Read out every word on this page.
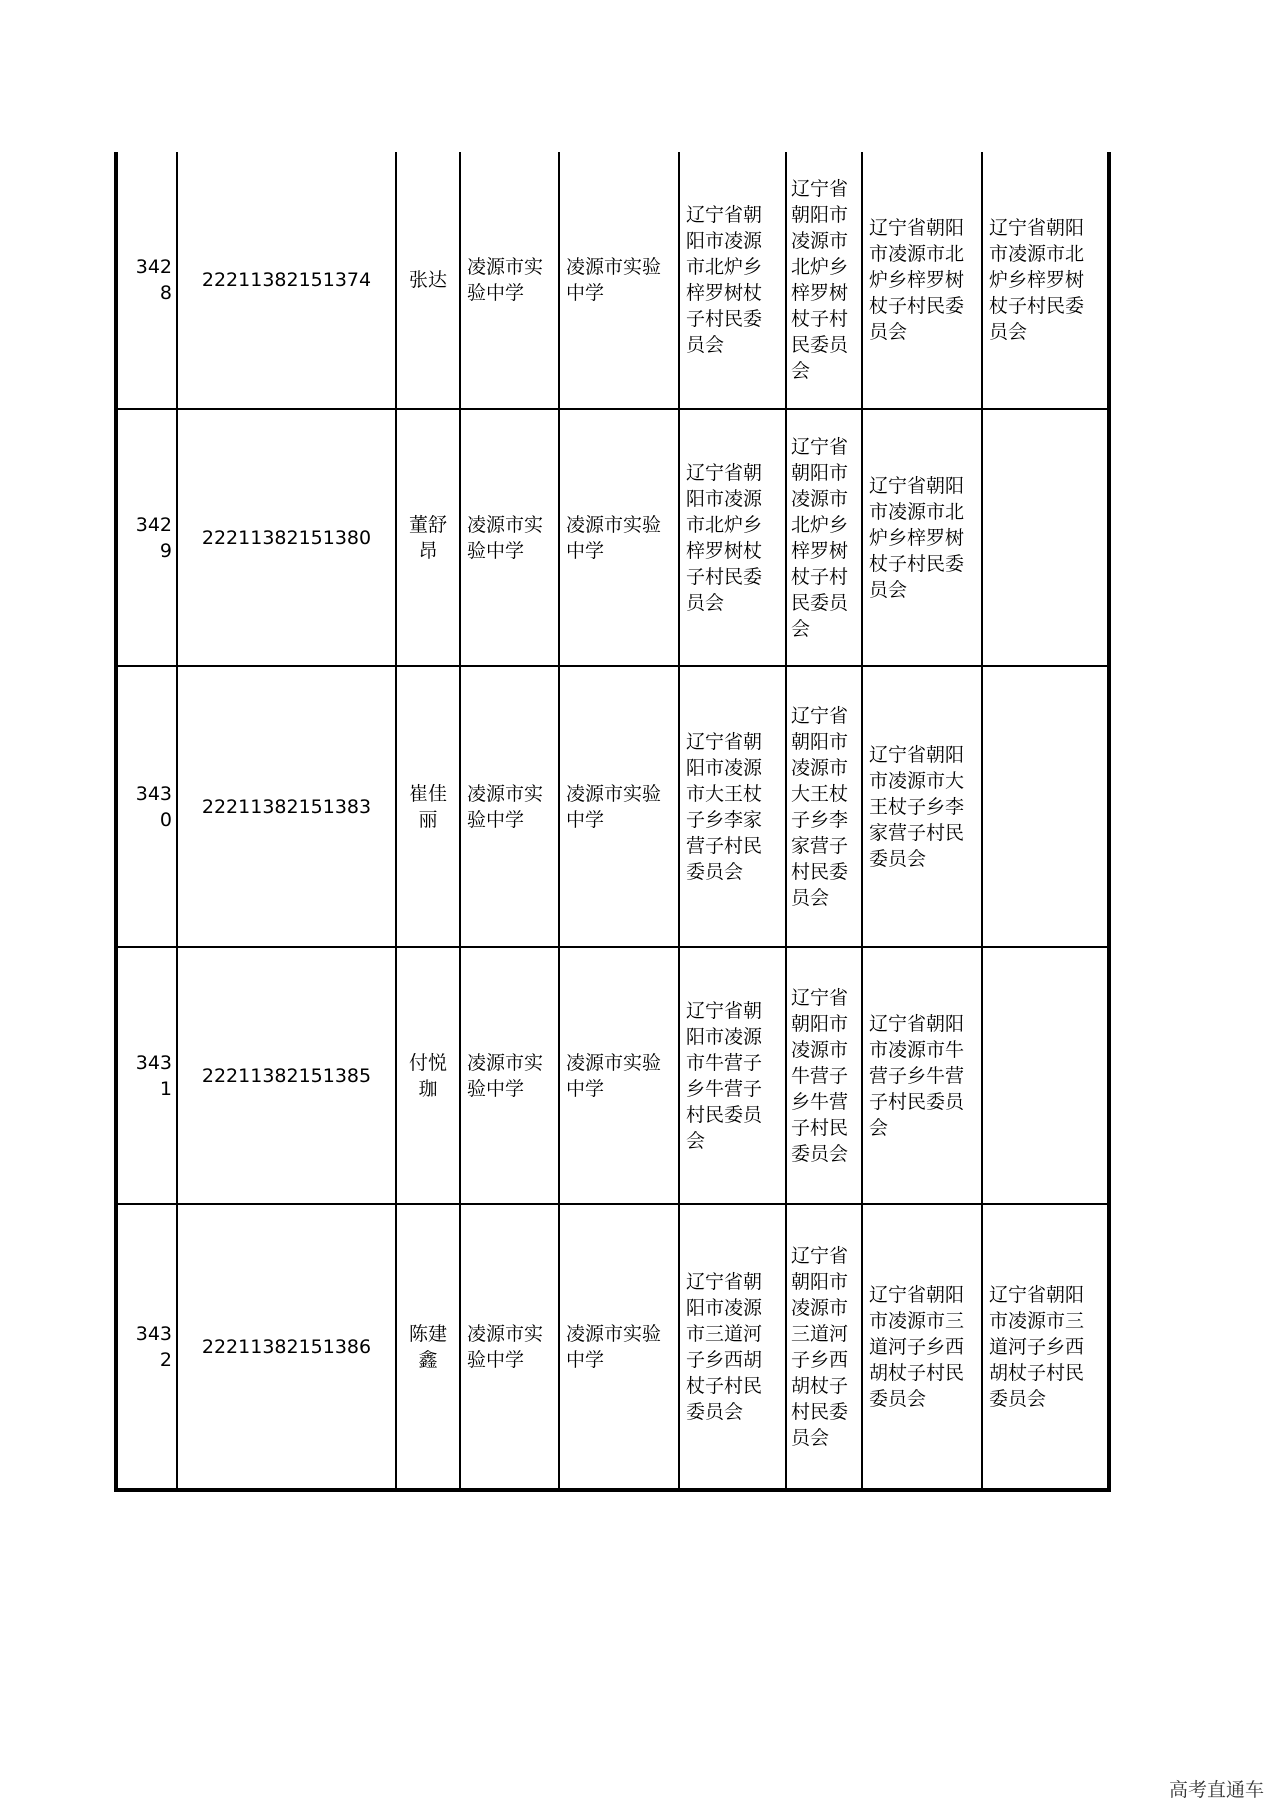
3428	22211382151374	张达	凌源市实验中学	凌源市实验中学	辽宁省朝阳市凌源市北炉乡梓罗树杖子村民委员会	辽宁省朝阳市凌源市北炉乡梓罗树杖子村民委员会	辽宁省朝阳市凌源市北炉乡梓罗树杖子村民委员会	辽宁省朝阳市凌源市北炉乡梓罗树杖子村民委员会
3429	22211382151380	董舒昂	凌源市实验中学	凌源市实验中学	辽宁省朝阳市凌源市北炉乡梓罗树杖子村民委员会	辽宁省朝阳市凌源市北炉乡梓罗树杖子村民委员会	辽宁省朝阳市凌源市北炉乡梓罗树杖子村民委员会	
3430	22211382151383	崔佳丽	凌源市实验中学	凌源市实验中学	辽宁省朝阳市凌源市大王杖子乡李家营子村民委员会	辽宁省朝阳市凌源市大王杖子乡李家营子村民委员会	辽宁省朝阳市凌源市大王杖子乡李家营子村民委员会	
3431	22211382151385	付悦珈	凌源市实验中学	凌源市实验中学	辽宁省朝阳市凌源市牛营子乡牛营子村民委员会	辽宁省朝阳市凌源市牛营子乡牛营子村民委员会	辽宁省朝阳市凌源市牛营子乡牛营子村民委员会	
3432	22211382151386	陈建鑫	凌源市实验中学	凌源市实验中学	辽宁省朝阳市凌源市三道河子乡西胡杖子村民委员会	辽宁省朝阳市凌源市三道河子乡西胡杖子村民委员会	辽宁省朝阳市凌源市三道河子乡西胡杖子村民委员会	辽宁省朝阳市凌源市三道河子乡西胡杖子村民委员会
高考直通车
